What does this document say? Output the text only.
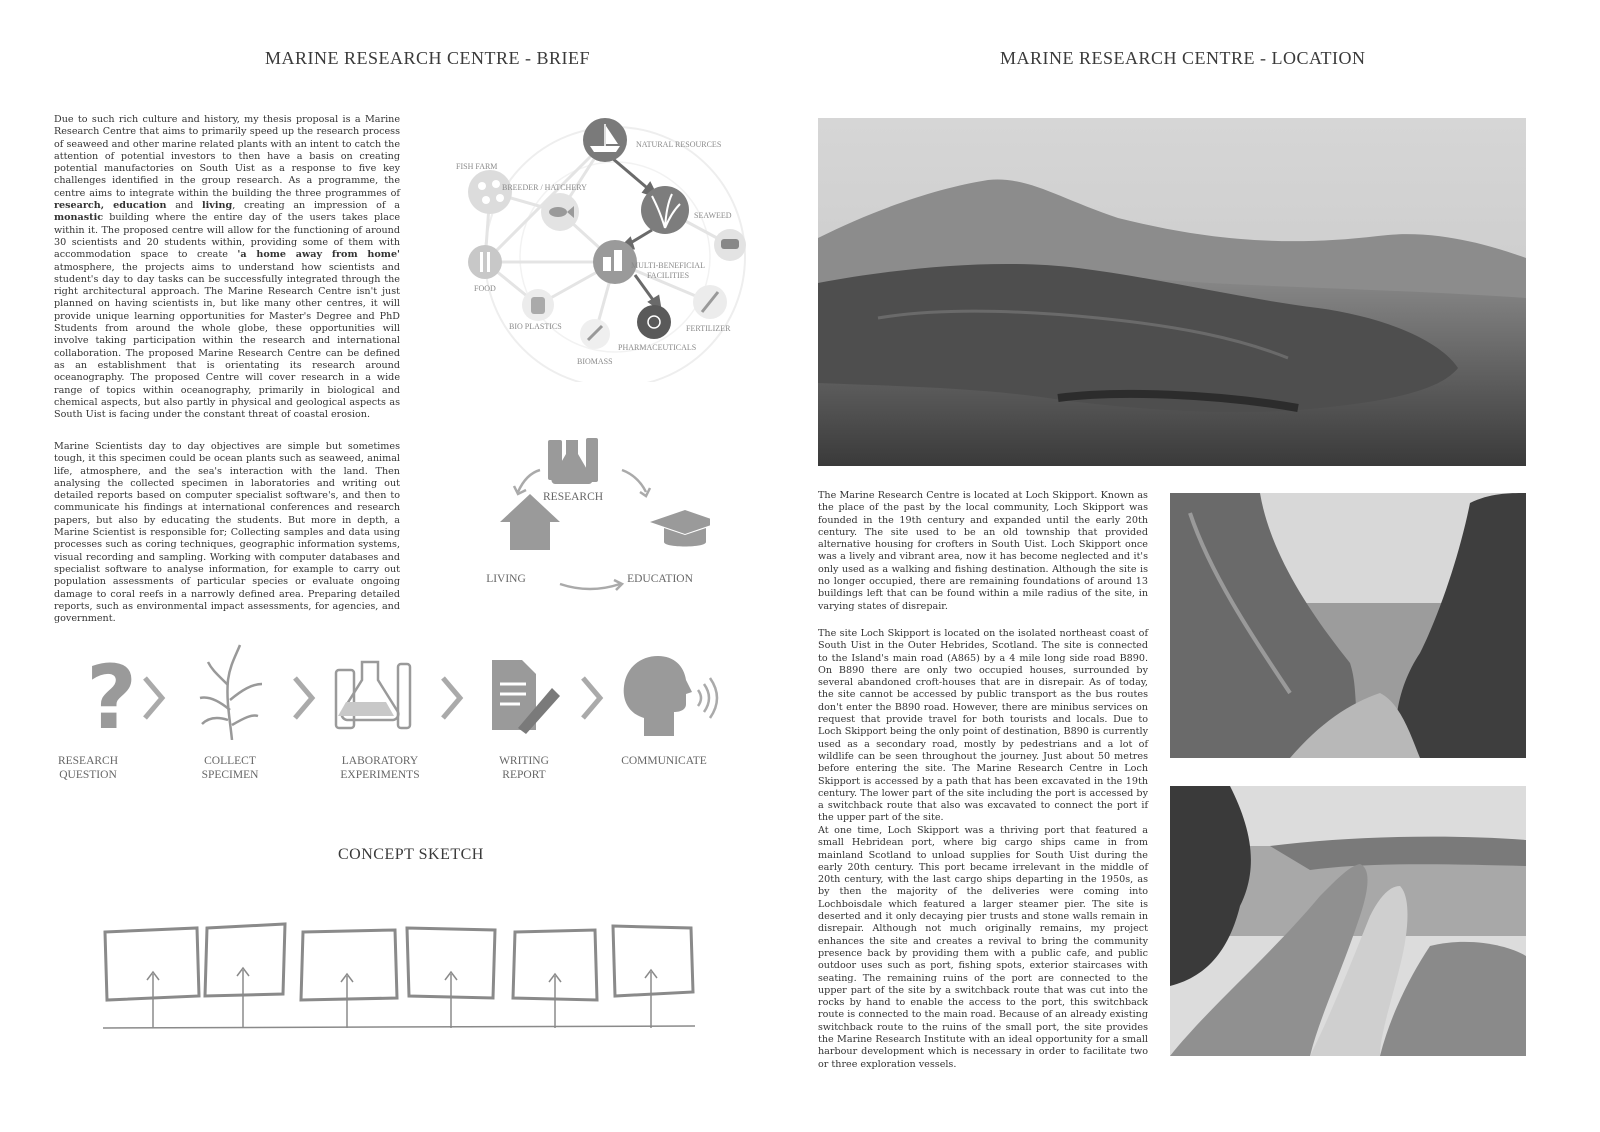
MARINE RESEARCH CENTRE - BRIEF

Due to such rich culture and history, my thesis proposal is a Marine Research Centre that aims to primarily speed up the research process of seaweed and other marine related plants with an intent to catch the attention of potential investors to then have a basis on creating potential manufactories on South Uist as a response to five key challenges identified in the group research. As a programme, the centre aims to integrate within the building the three programmes of research, education and living, creating an impression of a monastic building where the entire day of the users takes place within it. The proposed centre will allow for the functioning of around 30 scientists and 20 students within, providing some of them with accommodation space to create 'a home away from home' atmosphere, the projects aims to understand how scientists and student's day to day tasks can be successfully integrated through the right architectural approach. The Marine Research Centre isn't just planned on having scientists in, but like many other centres, it will provide unique learning opportunities for Master's Degree and PhD Students from around the whole globe, these opportunities will involve taking participation within the research and international collaboration. The proposed Marine Research Centre can be defined as an establishment that is orientating its research around oceanography. The proposed Centre will cover research in a wide range of topics within oceanography, primarily in biological and chemical aspects, but also partly in physical and geological aspects as South Uist is facing under the constant threat of coastal erosion.

Marine Scientists day to day objectives are simple but sometimes tough, it this specimen could be ocean plants such as seaweed, animal life, atmosphere, and the sea's interaction with the land. Then analysing the collected specimen in laboratories and writing out detailed reports based on computer specialist software's, and then to communicate his findings at international conferences and research papers, but also by educating the students. But more in depth, a Marine Scientist is responsible for; Collecting samples and data using processes such as coring techniques, geographic information systems, visual recording and sampling. Working with computer databases and specialist software to analyse information, for example to carry out population assessments of particular species or evaluate ongoing damage to coral reefs in a narrowly defined area. Preparing detailed reports, such as environmental impact assessments, for agencies, and government.
NATURAL RESOURCES
FISH FARM
BREEDER / HATCHERY
SEAWEED
MULTI-BENEFICIAL
FACILITIES
FOOD
BIO PLASTICS	FERTILIZER
PHARMACEUTICALS
BIOMASS
RESEARCH
LIVING	EDUCATION
?
RESEARCH
QUESTION
COLLECT
SPECIMEN
LABORATORY
EXPERIMENTS
WRITING
REPORT
COMMUNICATE
CONCEPT SKETCH
MARINE RESEARCH CENTRE - LOCATION
The Marine Research Centre is located at Loch Skipport. Known as the place of the past by the local community, Loch Skipport was founded in the 19th century and expanded until the early 20th century. The site used to be an old township that provided alternative housing for crofters in South Uist. Loch Skipport once was a lively and vibrant area, now it has become neglected and it's only used as a walking and fishing destination. Although the site is no longer occupied, there are remaining foundations of around 13 buildings left that can be found within a mile radius of the site, in varying states of disrepair.
The site Loch Skipport is located on the isolated northeast coast of South Uist in the Outer Hebrides, Scotland. The site is connected to the Island's main road (A865) by a 4 mile long side road B890. On B890 there are only two occupied houses, surrounded by several abandoned croft-houses that are in disrepair. As of today, the site cannot be accessed by public transport as the bus routes don't enter the B890 road. However, there are minibus services on request that provide travel for both tourists and locals. Due to Loch Skipport being the only point of destination, B890 is currently used as a secondary road, mostly by pedestrians and a lot of wildlife can be seen throughout the journey. Just about 50 metres before entering the site. The Marine Research Centre in Loch Skipport is accessed by a path that has been excavated in the 19th century. The lower part of the site including the port is accessed by a switchback route that also was excavated to connect the port if the upper part of the site.
At one time, Loch Skipport was a thriving port that featured a small Hebridean port, where big cargo ships came in from mainland Scotland to unload supplies for South Uist during the early 20th century. This port became irrelevant in the middle of 20th century, with the last cargo ships departing in the 1950s, as by then the majority of the deliveries were coming into Lochboisdale which featured a larger steamer pier. The site is deserted and it only decaying pier trusts and stone walls remain in disrepair. Although not much originally remains, my project enhances the site and creates a revival to bring the community presence back by providing them with a public cafe, and public outdoor uses such as port, fishing spots, exterior staircases with seating. The remaining ruins of the port are connected to the upper part of the site by a switchback route that was cut into the rocks by hand to enable the access to the port, this switchback route is connected to the main road. Because of an already existing switchback route to the ruins of the small port, the site provides the Marine Research Institute with an ideal opportunity for a small harbour development which is necessary in order to facilitate two or three exploration vessels.
